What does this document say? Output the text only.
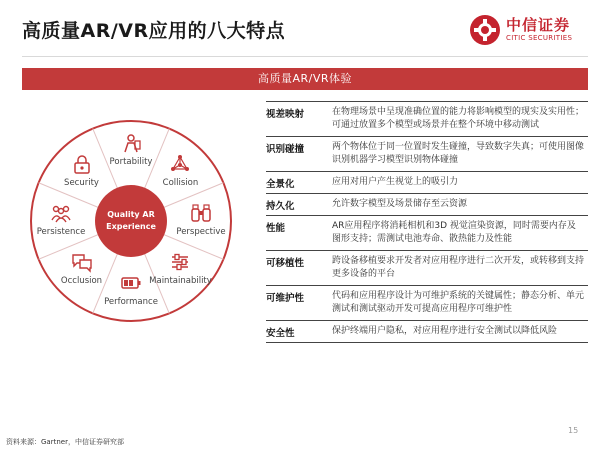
高质量AR/VR应用的八大特点	中信证券
CITIC SECURITIES
高质量AR/VR体验
Portability
Collision
Perspective
Maintainability
Performance
Occlusion
Persistence
Security
Quality AR
Experience
视差映射	在物理场景中呈现准确位置的能力将影响模型的现实及实用性；可通过放置多个模型或场景并在整个环境中移动测试
识别碰撞	两个物体位于同一位置时发生碰撞，导致数字失真；可使用图像识别机器学习模型识别物体碰撞
全景化	应用对用户产生视觉上的吸引力
持久化	允许数字模型及场景储存至云资源
性能	AR应用程序将消耗相机和3D 视觉渲染资源，同时需要内存及图形支持；需测试电池寿命、散热能力及性能
可移植性	跨设备移植要求开发者对应用程序进行二次开发，或转移到支持更多设备的平台
可维护性	代码和应用程序设计为可维护系统的关键属性；静态分析、单元测试和测试驱动开发可提高应用程序可维护性
安全性	保护终端用户隐私，对应用程序进行安全测试以降低风险
资料来源：Gartner，中信证券研究部
15
